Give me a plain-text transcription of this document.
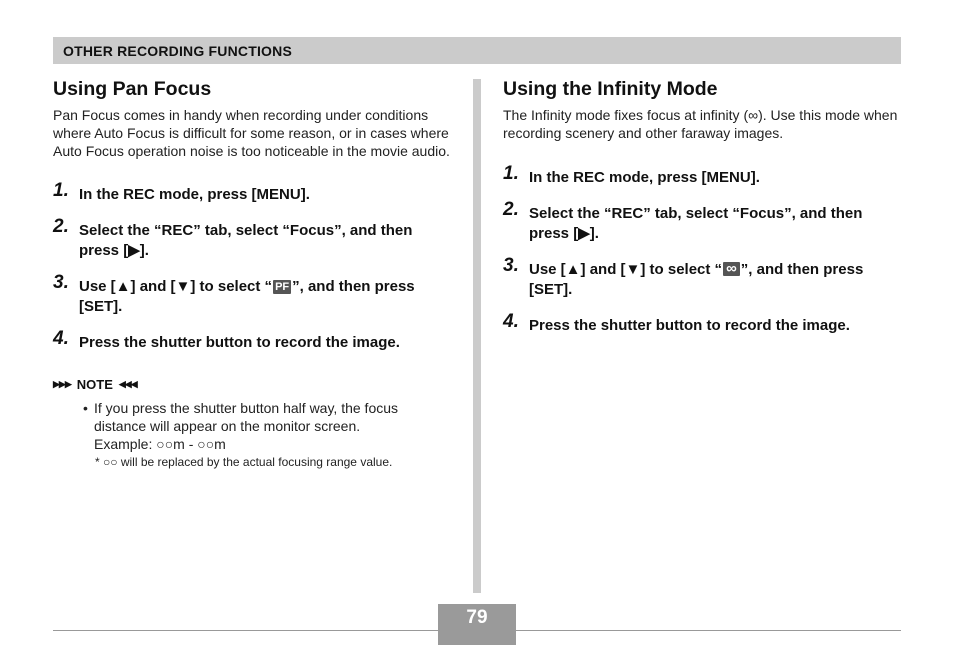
OTHER RECORDING FUNCTIONS
Using Pan Focus

Pan Focus comes in handy when recording under conditions where Auto Focus is difficult for some reason, or in cases where Auto Focus operation noise is too noticeable in the movie audio.

1. In the REC mode, press [MENU].
2. Select the “REC” tab, select “Focus”, and then press [▶].
3. Use [▲] and [▼] to select “ PF ”, and then press [SET].
4. Press the shutter button to record the image.
▶▶▶ NOTE ◀◀◀
• If you press the shutter button half way, the focus distance will appear on the monitor screen.
Example: ○○m - ○○m
* ○○ will be replaced by the actual focusing range value.
Using the Infinity Mode

The Infinity mode fixes focus at infinity (∞). Use this mode when recording scenery and other faraway images.

1. In the REC mode, press [MENU].
2. Select the “REC” tab, select “Focus”, and then press [▶].
3. Use [▲] and [▼] to select “ ∞ ”, and then press [SET].
4. Press the shutter button to record the image.
79
